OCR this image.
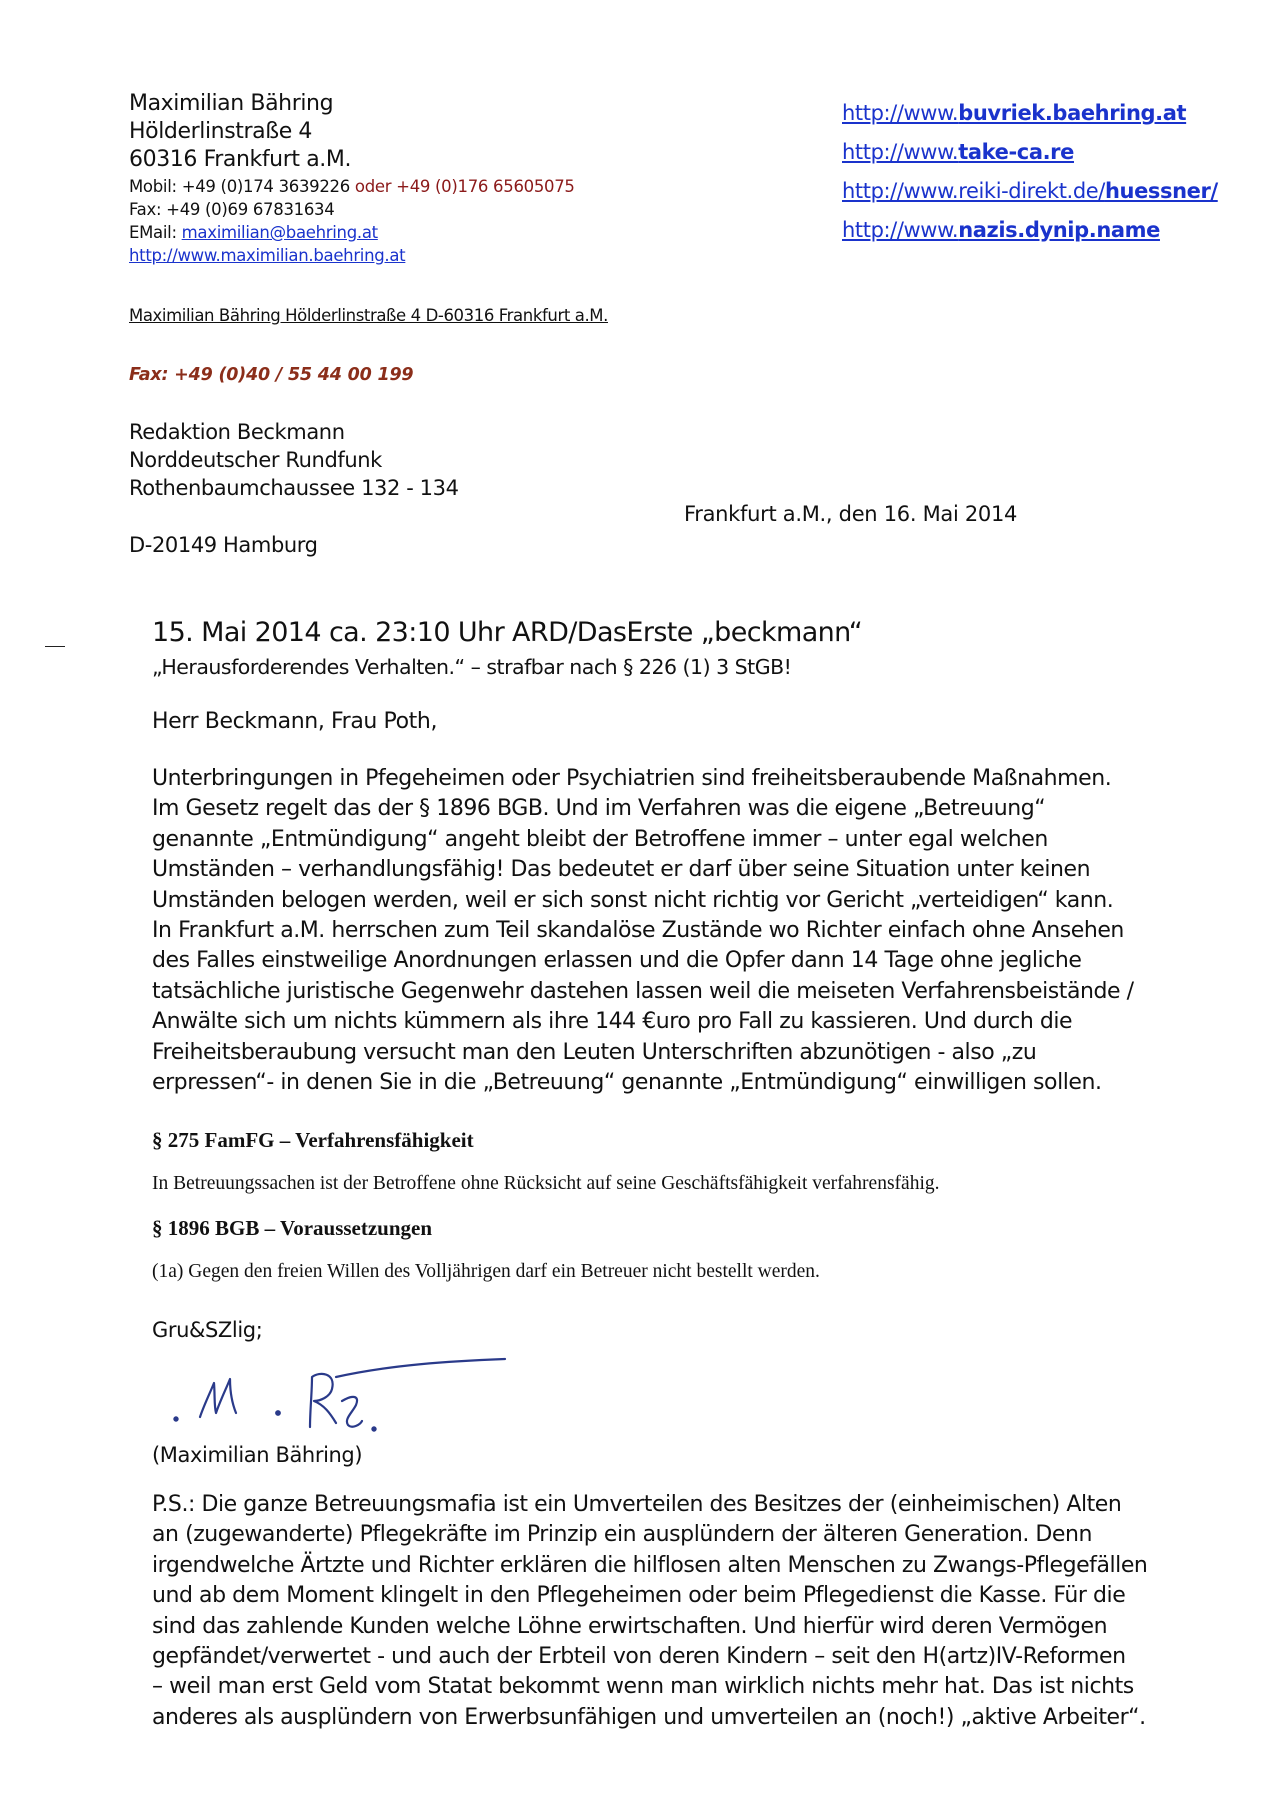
Maximilian Bähring
Hölderlinstraße 4
60316 Frankfurt a.M.
Mobil: +49 (0)174 3639226 oder +49 (0)176 65605075
Fax: +49 (0)69 67831634
EMail: maximilian@baehring.at
http://www.maximilian.baehring.at
http://www.buvriek.baehring.at
http://www.take-ca.re
http://www.reiki-direkt.de/huessner/
http://www.nazis.dynip.name
Maximilian Bähring Hölderlinstraße 4 D-60316 Frankfurt a.M.
Fax: +49 (0)40 / 55 44 00 199
Redaktion Beckmann
Norddeutscher Rundfunk
Rothenbaumchaussee 132 - 134
D-20149 Hamburg
Frankfurt a.M., den 16. Mai 2014
15. Mai 2014 ca. 23:10 Uhr ARD/DasErste „beckmann“
„Herausforderendes Verhalten.“ – strafbar nach § 226 (1) 3 StGB!
Herr Beckmann, Frau Poth,
Unterbringungen in Pfegeheimen oder Psychiatrien sind freiheitsberaubende Maßnahmen.
Im Gesetz regelt das der § 1896 BGB. Und im Verfahren was die eigene „Betreuung“
genannte „Entmündigung“ angeht bleibt der Betroffene immer – unter egal welchen
Umständen – verhandlungsfähig! Das bedeutet er darf über seine Situation unter keinen
Umständen belogen werden, weil er sich sonst nicht richtig vor Gericht „verteidigen“ kann.
In Frankfurt a.M. herrschen zum Teil skandalöse Zustände wo Richter einfach ohne Ansehen
des Falles einstweilige Anordnungen erlassen und die Opfer dann 14 Tage ohne jegliche
tatsächliche juristische Gegenwehr dastehen lassen weil die meiseten Verfahrensbeistände /
Anwälte sich um nichts kümmern als ihre 144 €uro pro Fall zu kassieren. Und durch die
Freiheitsberaubung versucht man den Leuten Unterschriften abzunötigen - also „zu
erpressen“- in denen Sie in die „Betreuung“ genannte „Entmündigung“ einwilligen sollen.
§ 275 FamFG – Verfahrensfähigkeit
In Betreuungssachen ist der Betroffene ohne Rücksicht auf seine Geschäftsfähigkeit verfahrensfähig.
§ 1896 BGB – Voraussetzungen
(1a) Gegen den freien Willen des Volljährigen darf ein Betreuer nicht bestellt werden.
Gru&SZlig;
(Maximilian Bähring)
P.S.: Die ganze Betreuungsmafia ist ein Umverteilen des Besitzes der (einheimischen) Alten
an (zugewanderte) Pflegekräfte im Prinzip ein ausplündern der älteren Generation. Denn
irgendwelche Ärtzte und Richter erklären die hilflosen alten Menschen zu Zwangs-Pflegefällen
und ab dem Moment klingelt in den Pflegeheimen oder beim Pflegedienst die Kasse. Für die
sind das zahlende Kunden welche Löhne erwirtschaften. Und hierfür wird deren Vermögen
gepfändet/verwertet - und auch der Erbteil von deren Kindern – seit den H(artz)IV-Reformen
– weil man erst Geld vom Statat bekommt wenn man wirklich nichts mehr hat. Das ist nichts
anderes als ausplündern von Erwerbsunfähigen und umverteilen an (noch!) „aktive Arbeiter“.
